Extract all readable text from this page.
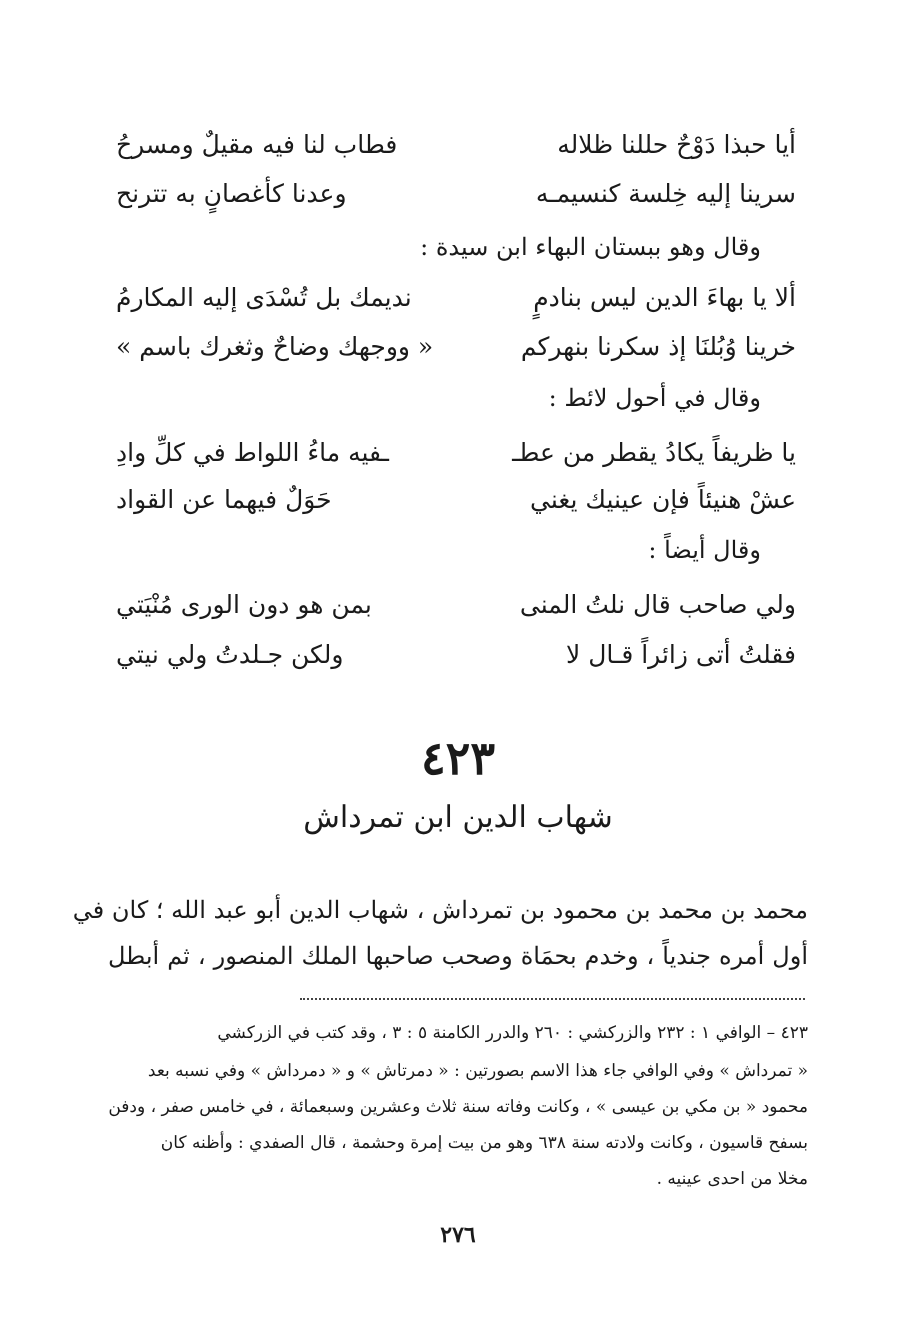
أيا حبذا دَوْحٌ حللنا ظلاله
فطاب لنا فيه مقيلٌ ومسرحُ
سرينا إليه خِلسة كنسيمـه
وعدنا كأغصانٍ به تترنح
وقال وهو ببستان البهاء ابن سيدة :
ألا يا بهاءَ الدين ليس بنادمٍ
نديمك بل تُسْدَى إليه المكارمُ
خرينا وُبُلنَا إذ سكرنا بنهركم
« ووجهك وضاحٌ وثغرك باسم »
وقال في أحول لائط :
يا ظريفاً يكادُ يقطر من عطـ
ـفيه ماءُ اللواط في كلِّ وادِ
عشْ هنيئاً فإن عينيك يغني
حَوَلٌ فيهما عن القواد
وقال أيضاً :
ولي صاحب قال نلتُ المنى
بمن هو دون الورى مُنْيَتي
فقلتُ أتى زائراً قـال لا
ولكن جـلدتُ ولي نيتي
٤٢٣
شهاب الدين ابن تمرداش
محمد بن محمد بن محمود بن تمرداش ، شهاب الدين أبو عبد الله ؛ كان في
أول أمره جندياً ، وخدم بحمَاة وصحب صاحبها الملك المنصور ، ثم أبطل
٤٢٣ – الوافي ١ : ٢٣٢ والزركشي : ٢٦٠ والدرر الكامنة ٥ : ٣ ، وقد كتب في الزركشي
« تمرداش » وفي الوافي جاء هذا الاسم بصورتين : « دمرتاش » و « دمرداش » وفي نسبه بعد
محمود « بن مكي بن عيسى » ، وكانت وفاته سنة ثلاث وعشرين وسبعمائة ، في خامس صفر ، ودفن
بسفح قاسيون ، وكانت ولادته سنة ٦٣٨ وهو من بيت إمرة وحشمة ، قال الصفدي : وأظنه كان
مخلا من احدى عينيه .
٢٧٦
